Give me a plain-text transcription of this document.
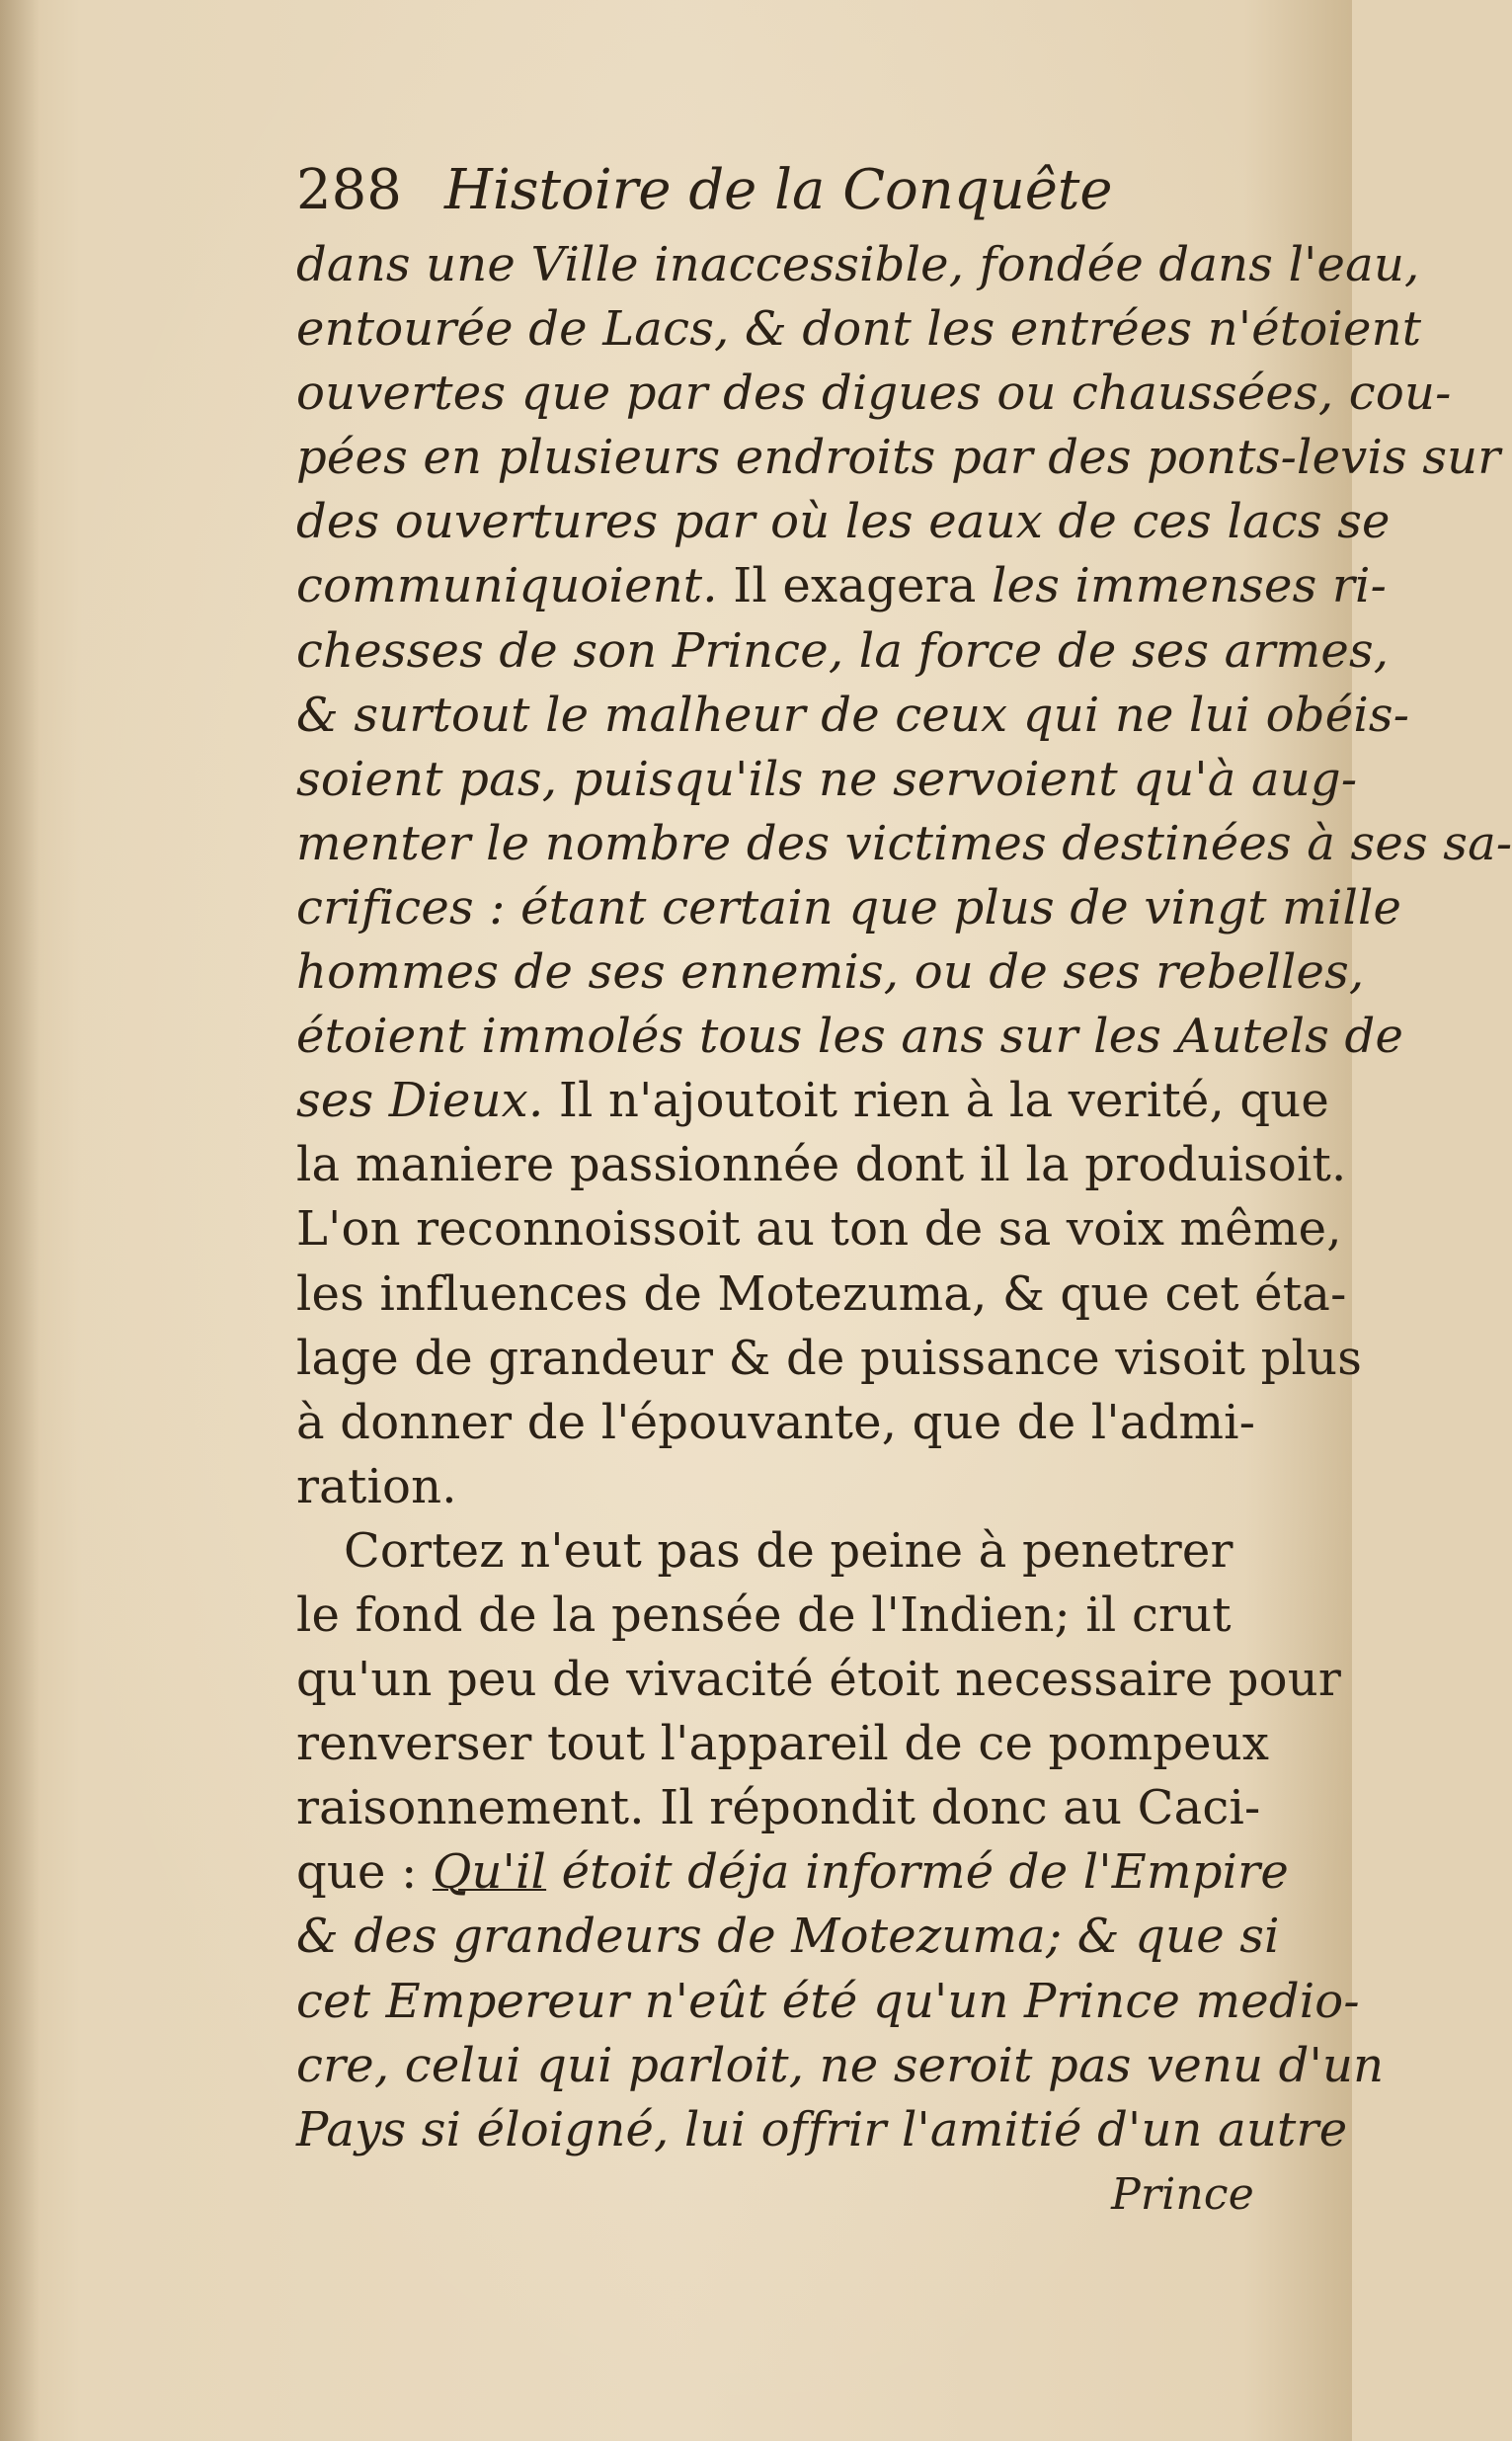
288 Histoire de la Conquête
dans une Ville inaccessible, fondée dans l'eau,
entourée de Lacs, & dont les entrées n'étoient
ouvertes que par des digues ou chaussées, cou-
pées en plusieurs endroits par des ponts-levis sur
des ouvertures par où les eaux de ces lacs se
communiquoient. Il exagera les immenses ri-
chesses de son Prince, la force de ses armes,
& surtout le malheur de ceux qui ne lui obéis-
soient pas, puisqu'ils ne servoient qu'à aug-
menter le nombre des victimes destinées à ses sa-
crifices : étant certain que plus de vingt mille
hommes de ses ennemis, ou de ses rebelles,
étoient immolés tous les ans sur les Autels de
ses Dieux. Il n'ajoutoit rien à la verité, que
la maniere passionnée dont il la produisoit.
L'on reconnoissoit au ton de sa voix même,
les influences de Motezuma, & que cet éta-
lage de grandeur & de puissance visoit plus
à donner de l'épouvante, que de l'admi-
ration.
Cortez n'eut pas de peine à penetrer
le fond de la pensée de l'Indien; il crut
qu'un peu de vivacité étoit necessaire pour
renverser tout l'appareil de ce pompeux
raisonnement. Il répondit donc au Caci-
que : Qu'il étoit déja informé de l'Empire
& des grandeurs de Motezuma; & que si
cet Empereur n'eût été qu'un Prince medio-
cre, celui qui parloit, ne seroit pas venu d'un
Pays si éloigné, lui offrir l'amitié d'un autre
Prince
